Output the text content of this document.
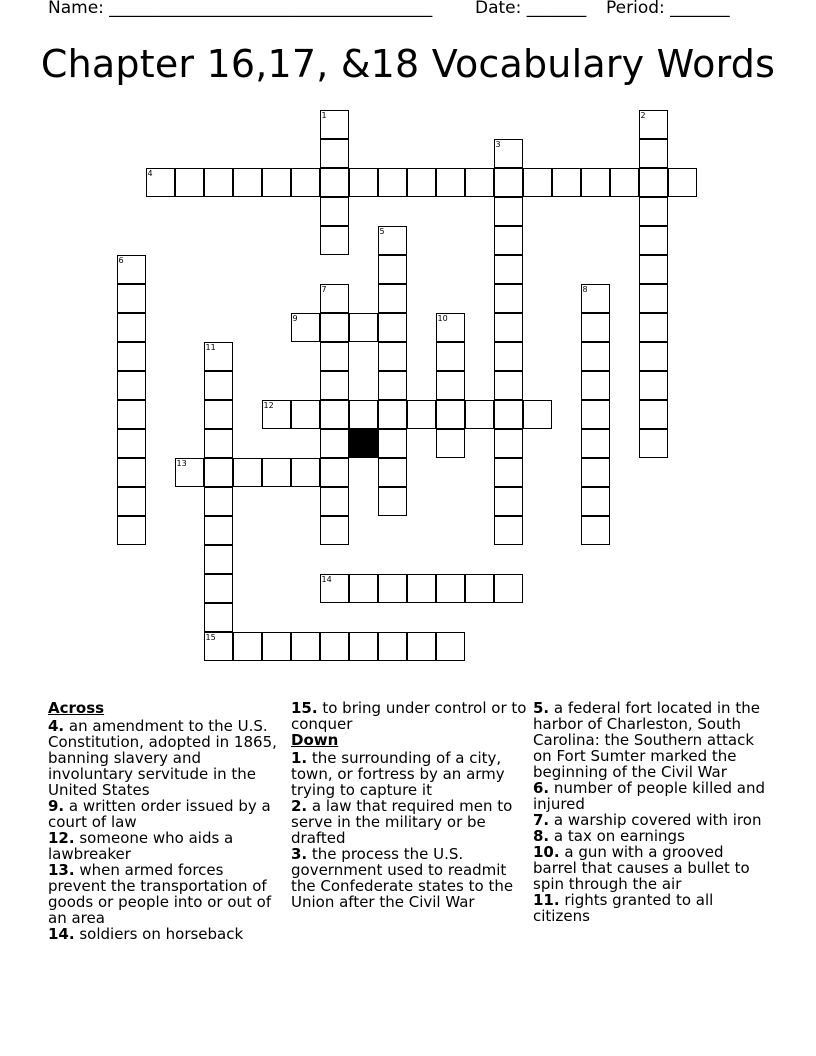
Name: ______________________________________	Date: _______ Period: _______
Chapter 16,17, &18 Vocabulary Words
4
9
12
13
14
15
1	2
3
5
6
7	8
10
11
Across
4. an amendment to the U.S. Constitution, adopted in 1865, banning slavery and involuntary servitude in the United States
9. a written order issued by a court of law
12. someone who aids a lawbreaker
13. when armed forces prevent the transportation of goods or people into or out of an area
14. soldiers on horseback
15. to bring under control or to conquer
Down
1. the surrounding of a city, town, or fortress by an army trying to capture it
2. a law that required men to serve in the military or be drafted
3. the process the U.S. government used to readmit the Confederate states to the Union after the Civil War
5. a federal fort located in the harbor of Charleston, South Carolina: the Southern attack on Fort Sumter marked the beginning of the Civil War
6. number of people killed and injured
7. a warship covered with iron
8. a tax on earnings
10. a gun with a grooved barrel that causes a bullet to spin through the air
11. rights granted to all citizens
